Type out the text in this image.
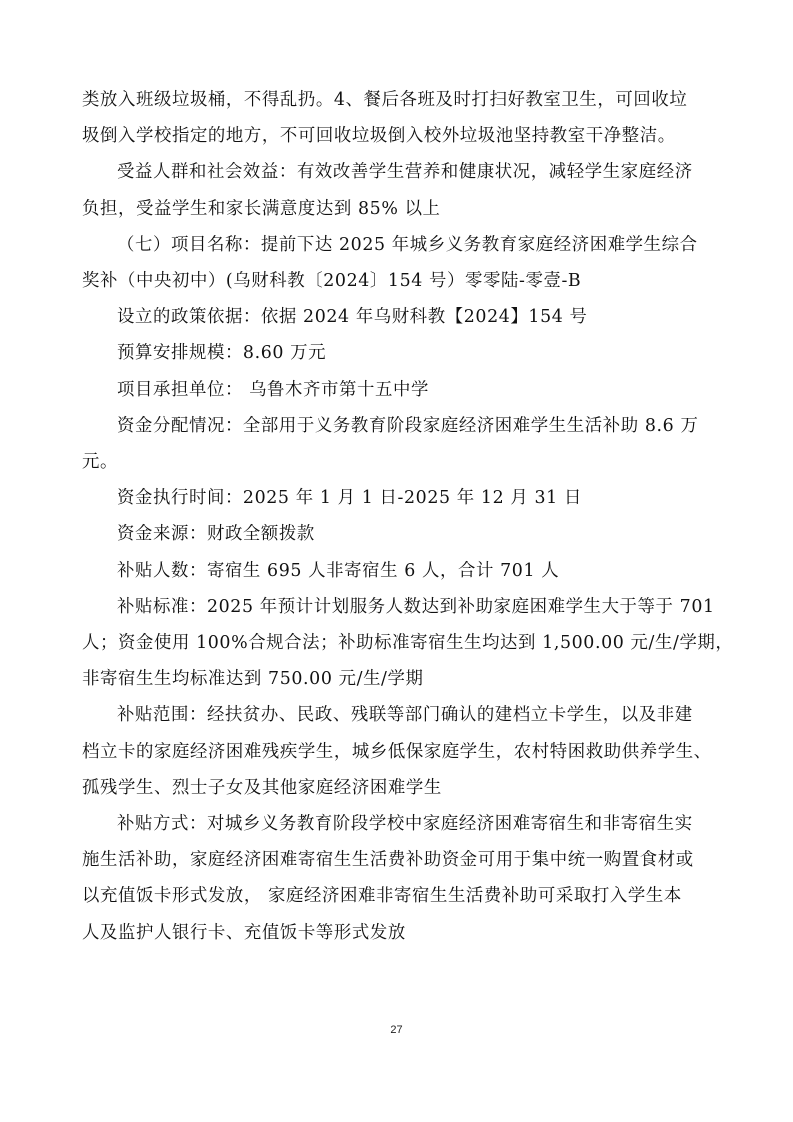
类放入班级垃圾桶，不得乱扔。4、餐后各班及时打扫好教室卫生，可回收垃
圾倒入学校指定的地方，不可回收垃圾倒入校外垃圾池坚持教室干净整洁。

受益人群和社会效益：有效改善学生营养和健康状况，减轻学生家庭经济
负担，受益学生和家长满意度达到 85% 以上

（七）项目名称：提前下达 2025 年城乡义务教育家庭经济困难学生综合
奖补（中央初中）(乌财科教〔2024〕154 号）零零陆-零壹-B

设立的政策依据：依据 2024 年乌财科教【2024】154 号

预算安排规模：8.60 万元

项目承担单位： 乌鲁木齐市第十五中学

资金分配情况：全部用于义务教育阶段家庭经济困难学生生活补助 8.6 万
元。

资金执行时间：2025 年 1 月 1 日-2025 年 12 月 31 日

资金来源：财政全额拨款

补贴人数：寄宿生 695 人非寄宿生 6 人，合计 701 人

补贴标准：2025 年预计计划服务人数达到补助家庭困难学生大于等于 701
人；资金使用 100%合规合法；补助标准寄宿生生均达到 1,500.00 元/生/学期，
非寄宿生生均标准达到 750.00 元/生/学期

补贴范围：经扶贫办、民政、残联等部门确认的建档立卡学生，以及非建
档立卡的家庭经济困难残疾学生，城乡低保家庭学生，农村特困救助供养学生、
孤残学生、烈士子女及其他家庭经济困难学生

补贴方式：对城乡义务教育阶段学校中家庭经济困难寄宿生和非寄宿生实
施生活补助，家庭经济困难寄宿生生活费补助资金可用于集中统一购置食材或
以充值饭卡形式发放， 家庭经济困难非寄宿生生活费补助可采取打入学生本
人及监护人银行卡、充值饭卡等形式发放

27
